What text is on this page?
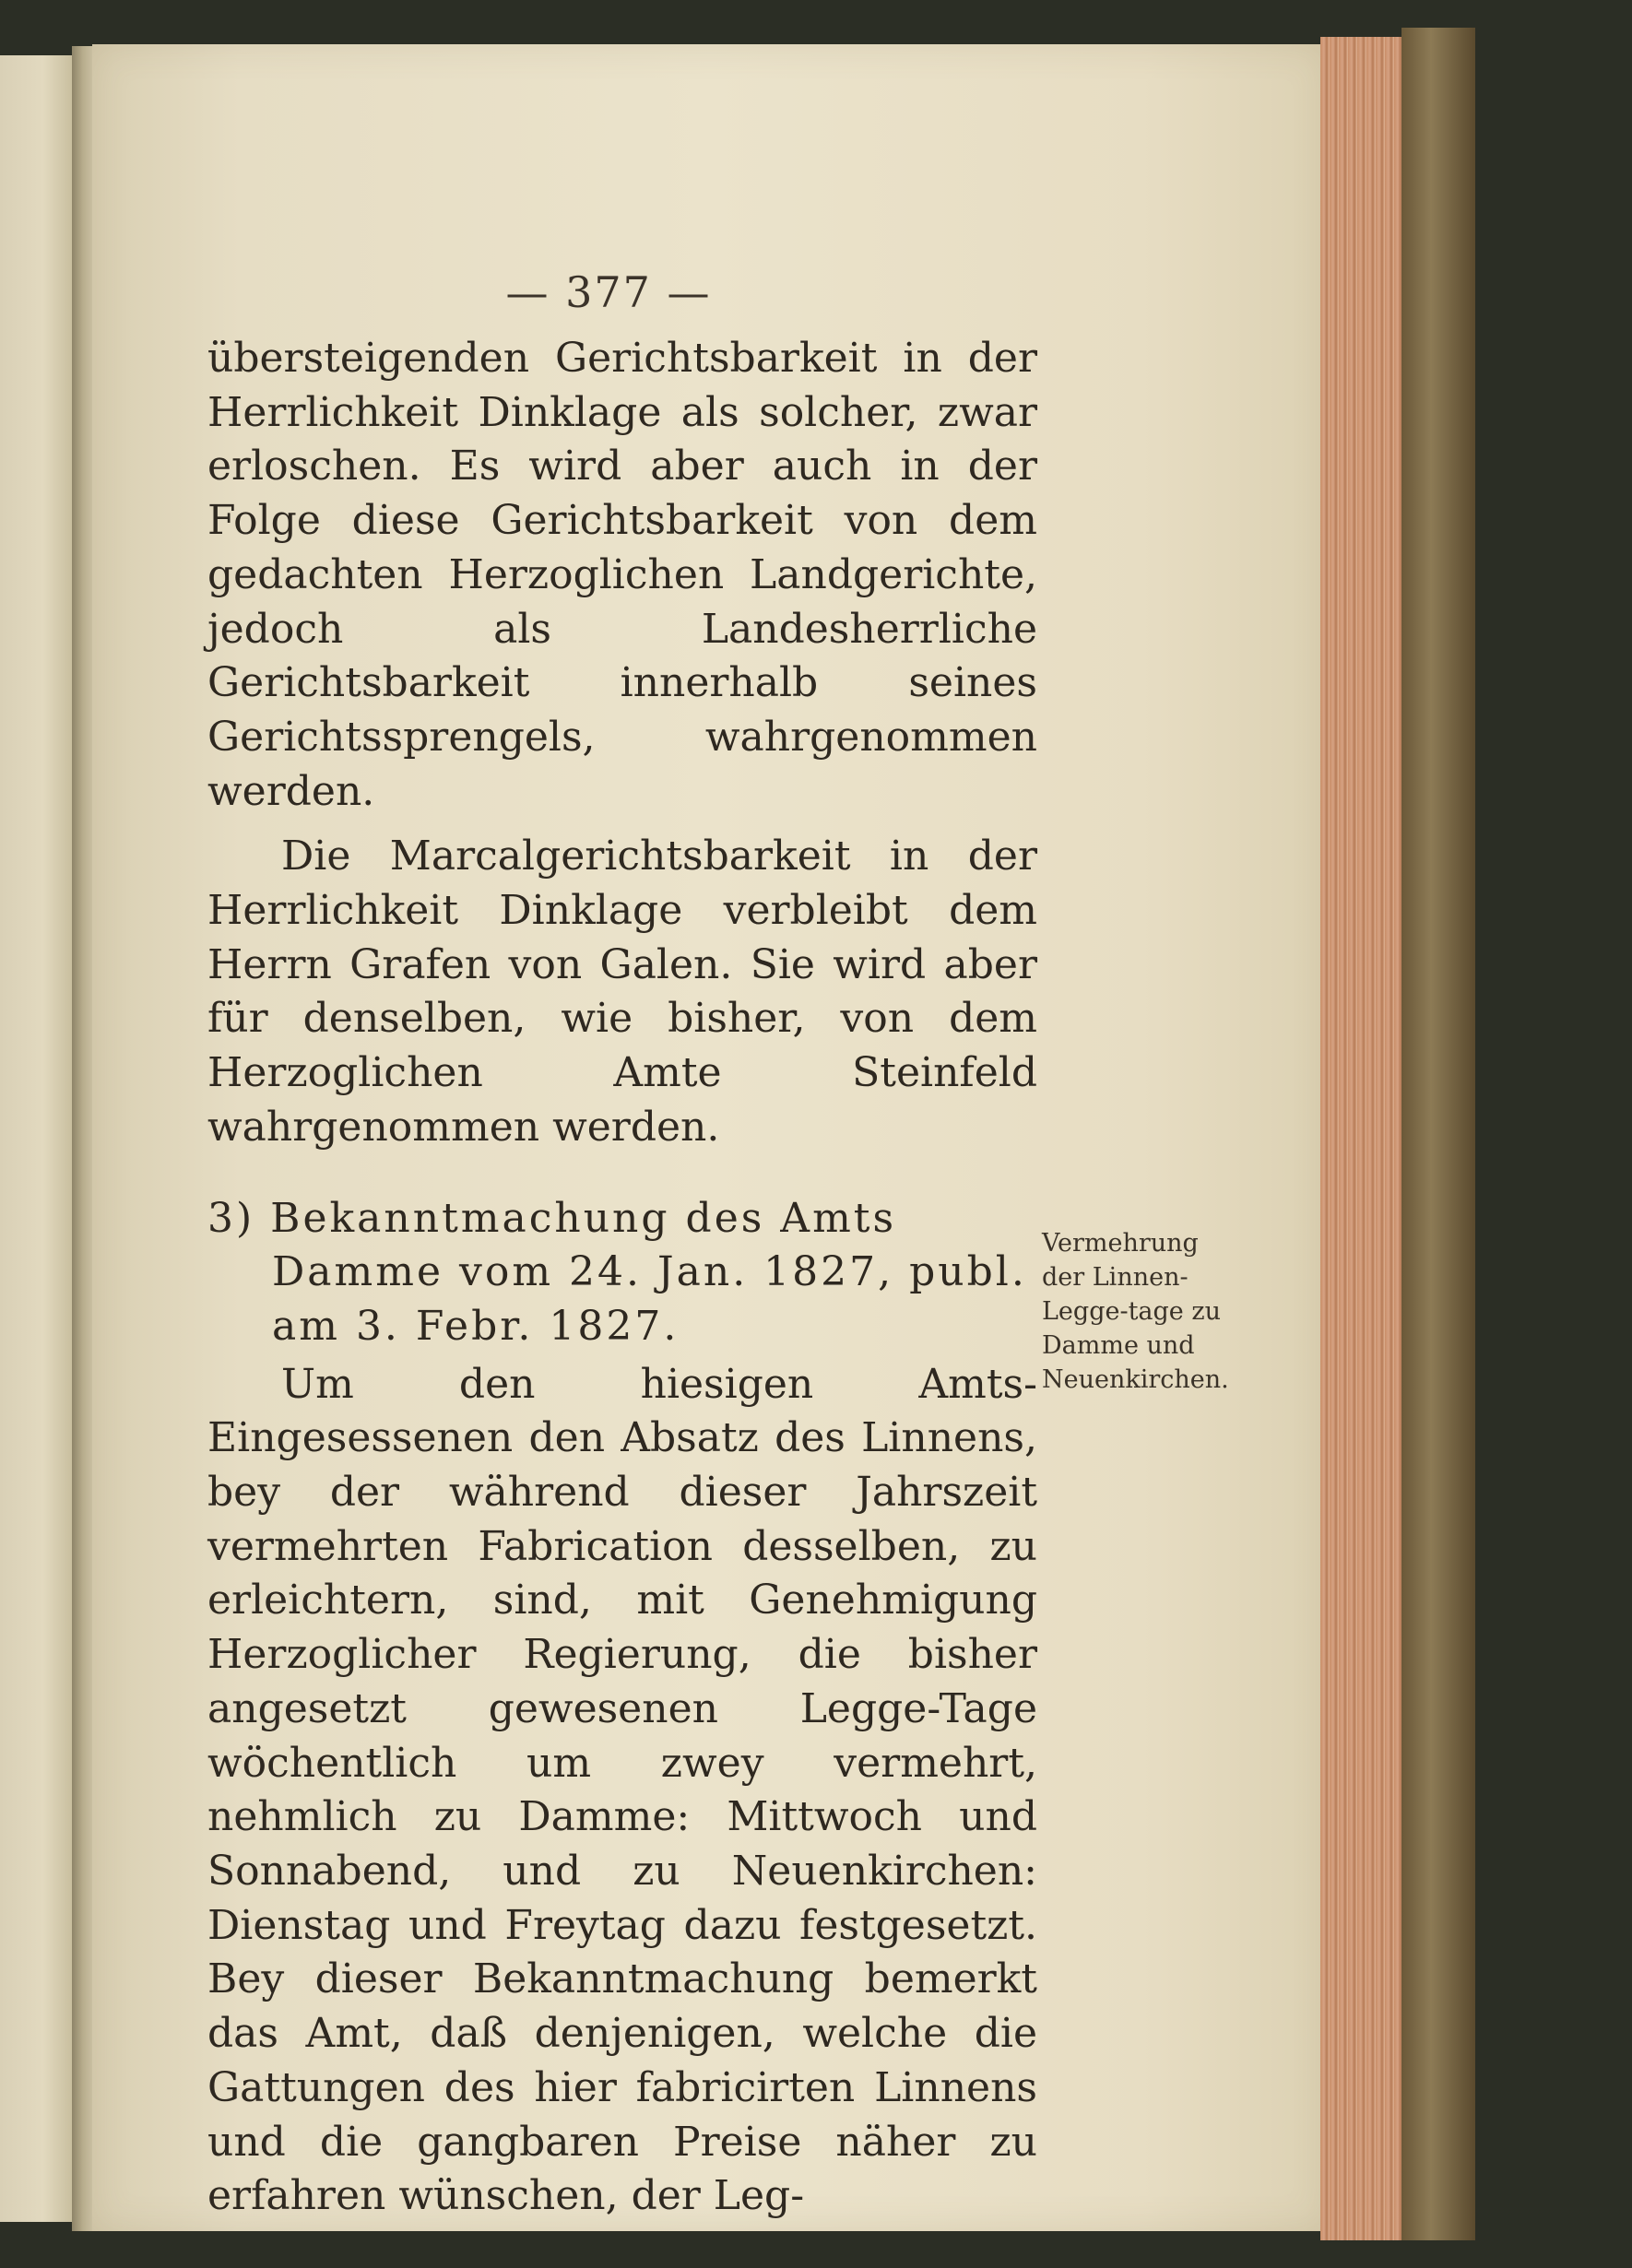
— 377 —

übersteigenden Gerichtsbarkeit in der Herrlichkeit Dinklage als solcher, zwar erloschen. Es wird aber auch in der Folge diese Gerichtsbarkeit von dem gedachten Herzoglichen Landgerichte, jedoch als Landesherrliche Gerichtsbarkeit innerhalb seines Gerichtssprengels, wahrgenommen werden.

Die Marcalgerichtsbarkeit in der Herrlichkeit Dinklage verbleibt dem Herrn Grafen von Galen. Sie wird aber für denselben, wie bisher, von dem Herzoglichen Amte Steinfeld wahrgenommen werden.

3) Bekanntmachung des Amts

Damme vom 24. Jan. 1827, publ.

am 3. Febr. 1827.

Um den hiesigen Amts-Eingesessenen den Absatz des Linnens, bey der während dieser Jahrszeit vermehrten Fabrication desselben, zu erleichtern, sind, mit Genehmigung Herzoglicher Regierung, die bisher angesetzt gewesenen Legge-Tage wöchentlich um zwey vermehrt, nehmlich zu Damme: Mittwoch und Sonnabend, und zu Neuenkirchen: Dienstag und Freytag dazu festgesetzt. Bey dieser Bekanntmachung bemerkt das Amt, daß denjenigen, welche die Gattungen des hier fabricirten Linnens und die gangbaren Preise näher zu erfahren wünschen, der Leg-

Vermehrung der Linnen-Legge-tage zu Damme und Neuenkirchen.
